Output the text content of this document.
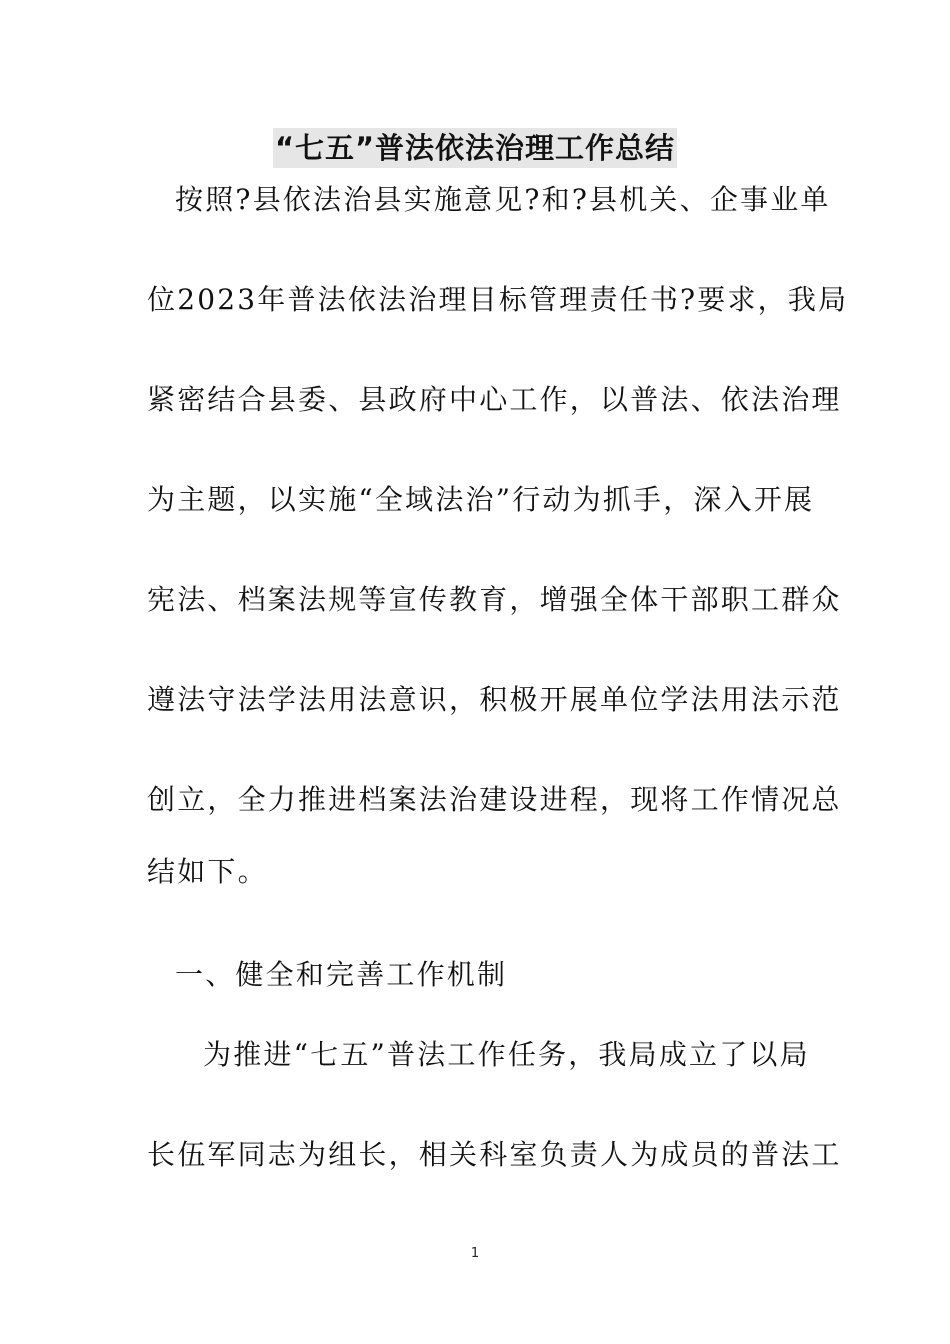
“七五”普法依法治理工作总结
按照?县依法治县实施意见?和?县机关、企事业单
位2023年普法依法治理目标管理责任书?要求，我局
紧密结合县委、县政府中心工作，以普法、依法治理
为主题，以实施“全域法治”行动为抓手，深入开展
宪法、档案法规等宣传教育，增强全体干部职工群众
遵法守法学法用法意识，积极开展单位学法用法示范
创立，全力推进档案法治建设进程，现将工作情况总
结如下。
一、健全和完善工作机制
为推进“七五”普法工作任务，我局成立了以局
长伍军同志为组长，相关科室负责人为成员的普法工
1
